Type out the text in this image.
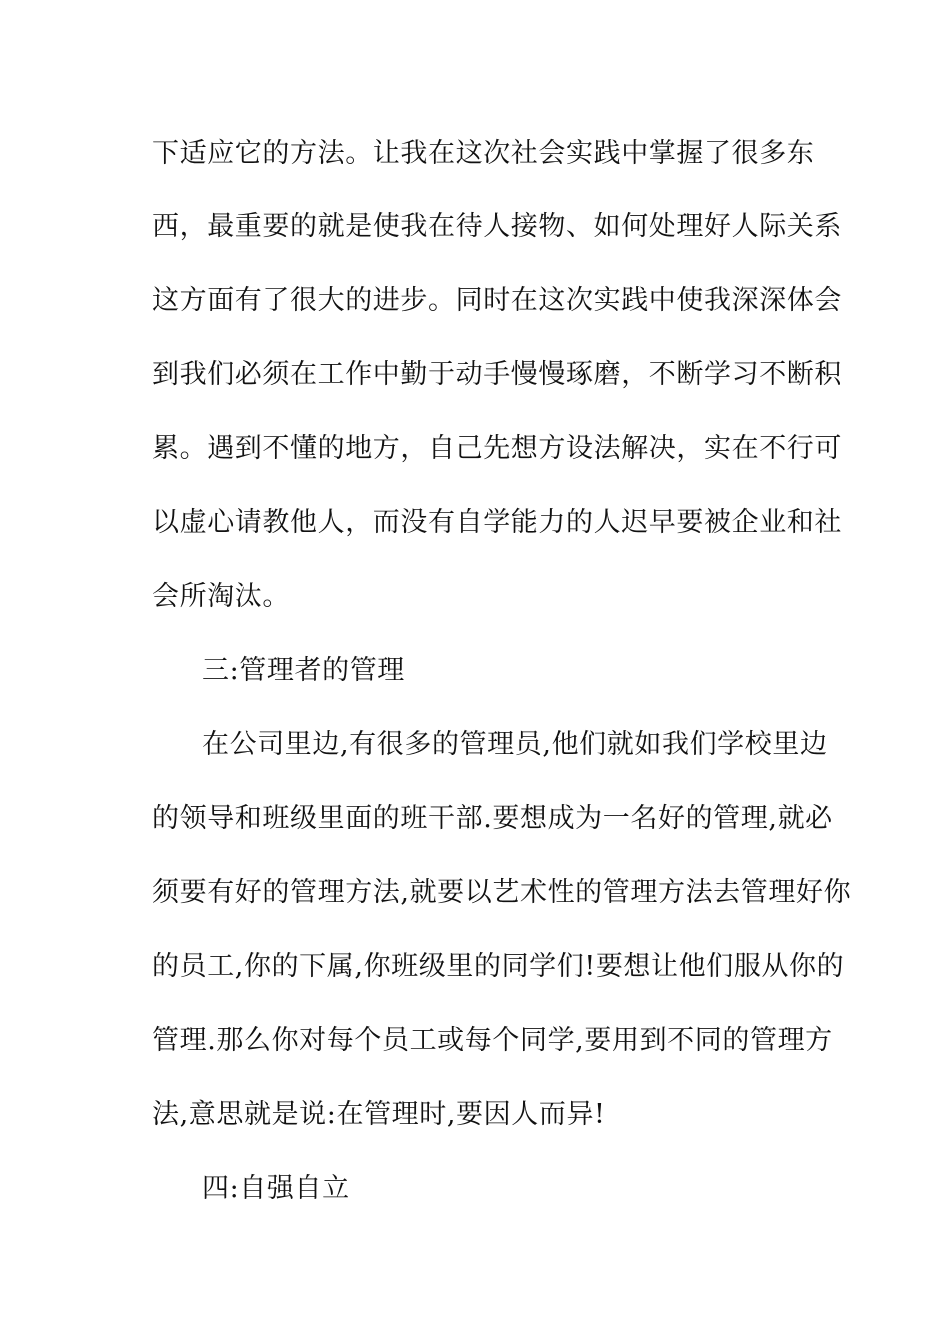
下适应它的方法。让我在这次社会实践中掌握了很多东
西，最重要的就是使我在待人接物、如何处理好人际关系
这方面有了很大的进步。同时在这次实践中使我深深体会
到我们必须在工作中勤于动手慢慢琢磨，不断学习不断积
累。遇到不懂的地方，自己先想方设法解决，实在不行可
以虚心请教他人，而没有自学能力的人迟早要被企业和社
会所淘汰。
三:管理者的管理
在公司里边,有很多的管理员,他们就如我们学校里边
的领导和班级里面的班干部.要想成为一名好的管理,就必
须要有好的管理方法,就要以艺术性的管理方法去管理好你
的员工,你的下属,你班级里的同学们!要想让他们服从你的
管理.那么你对每个员工或每个同学,要用到不同的管理方
法,意思就是说:在管理时,要因人而异!
四:自强自立
